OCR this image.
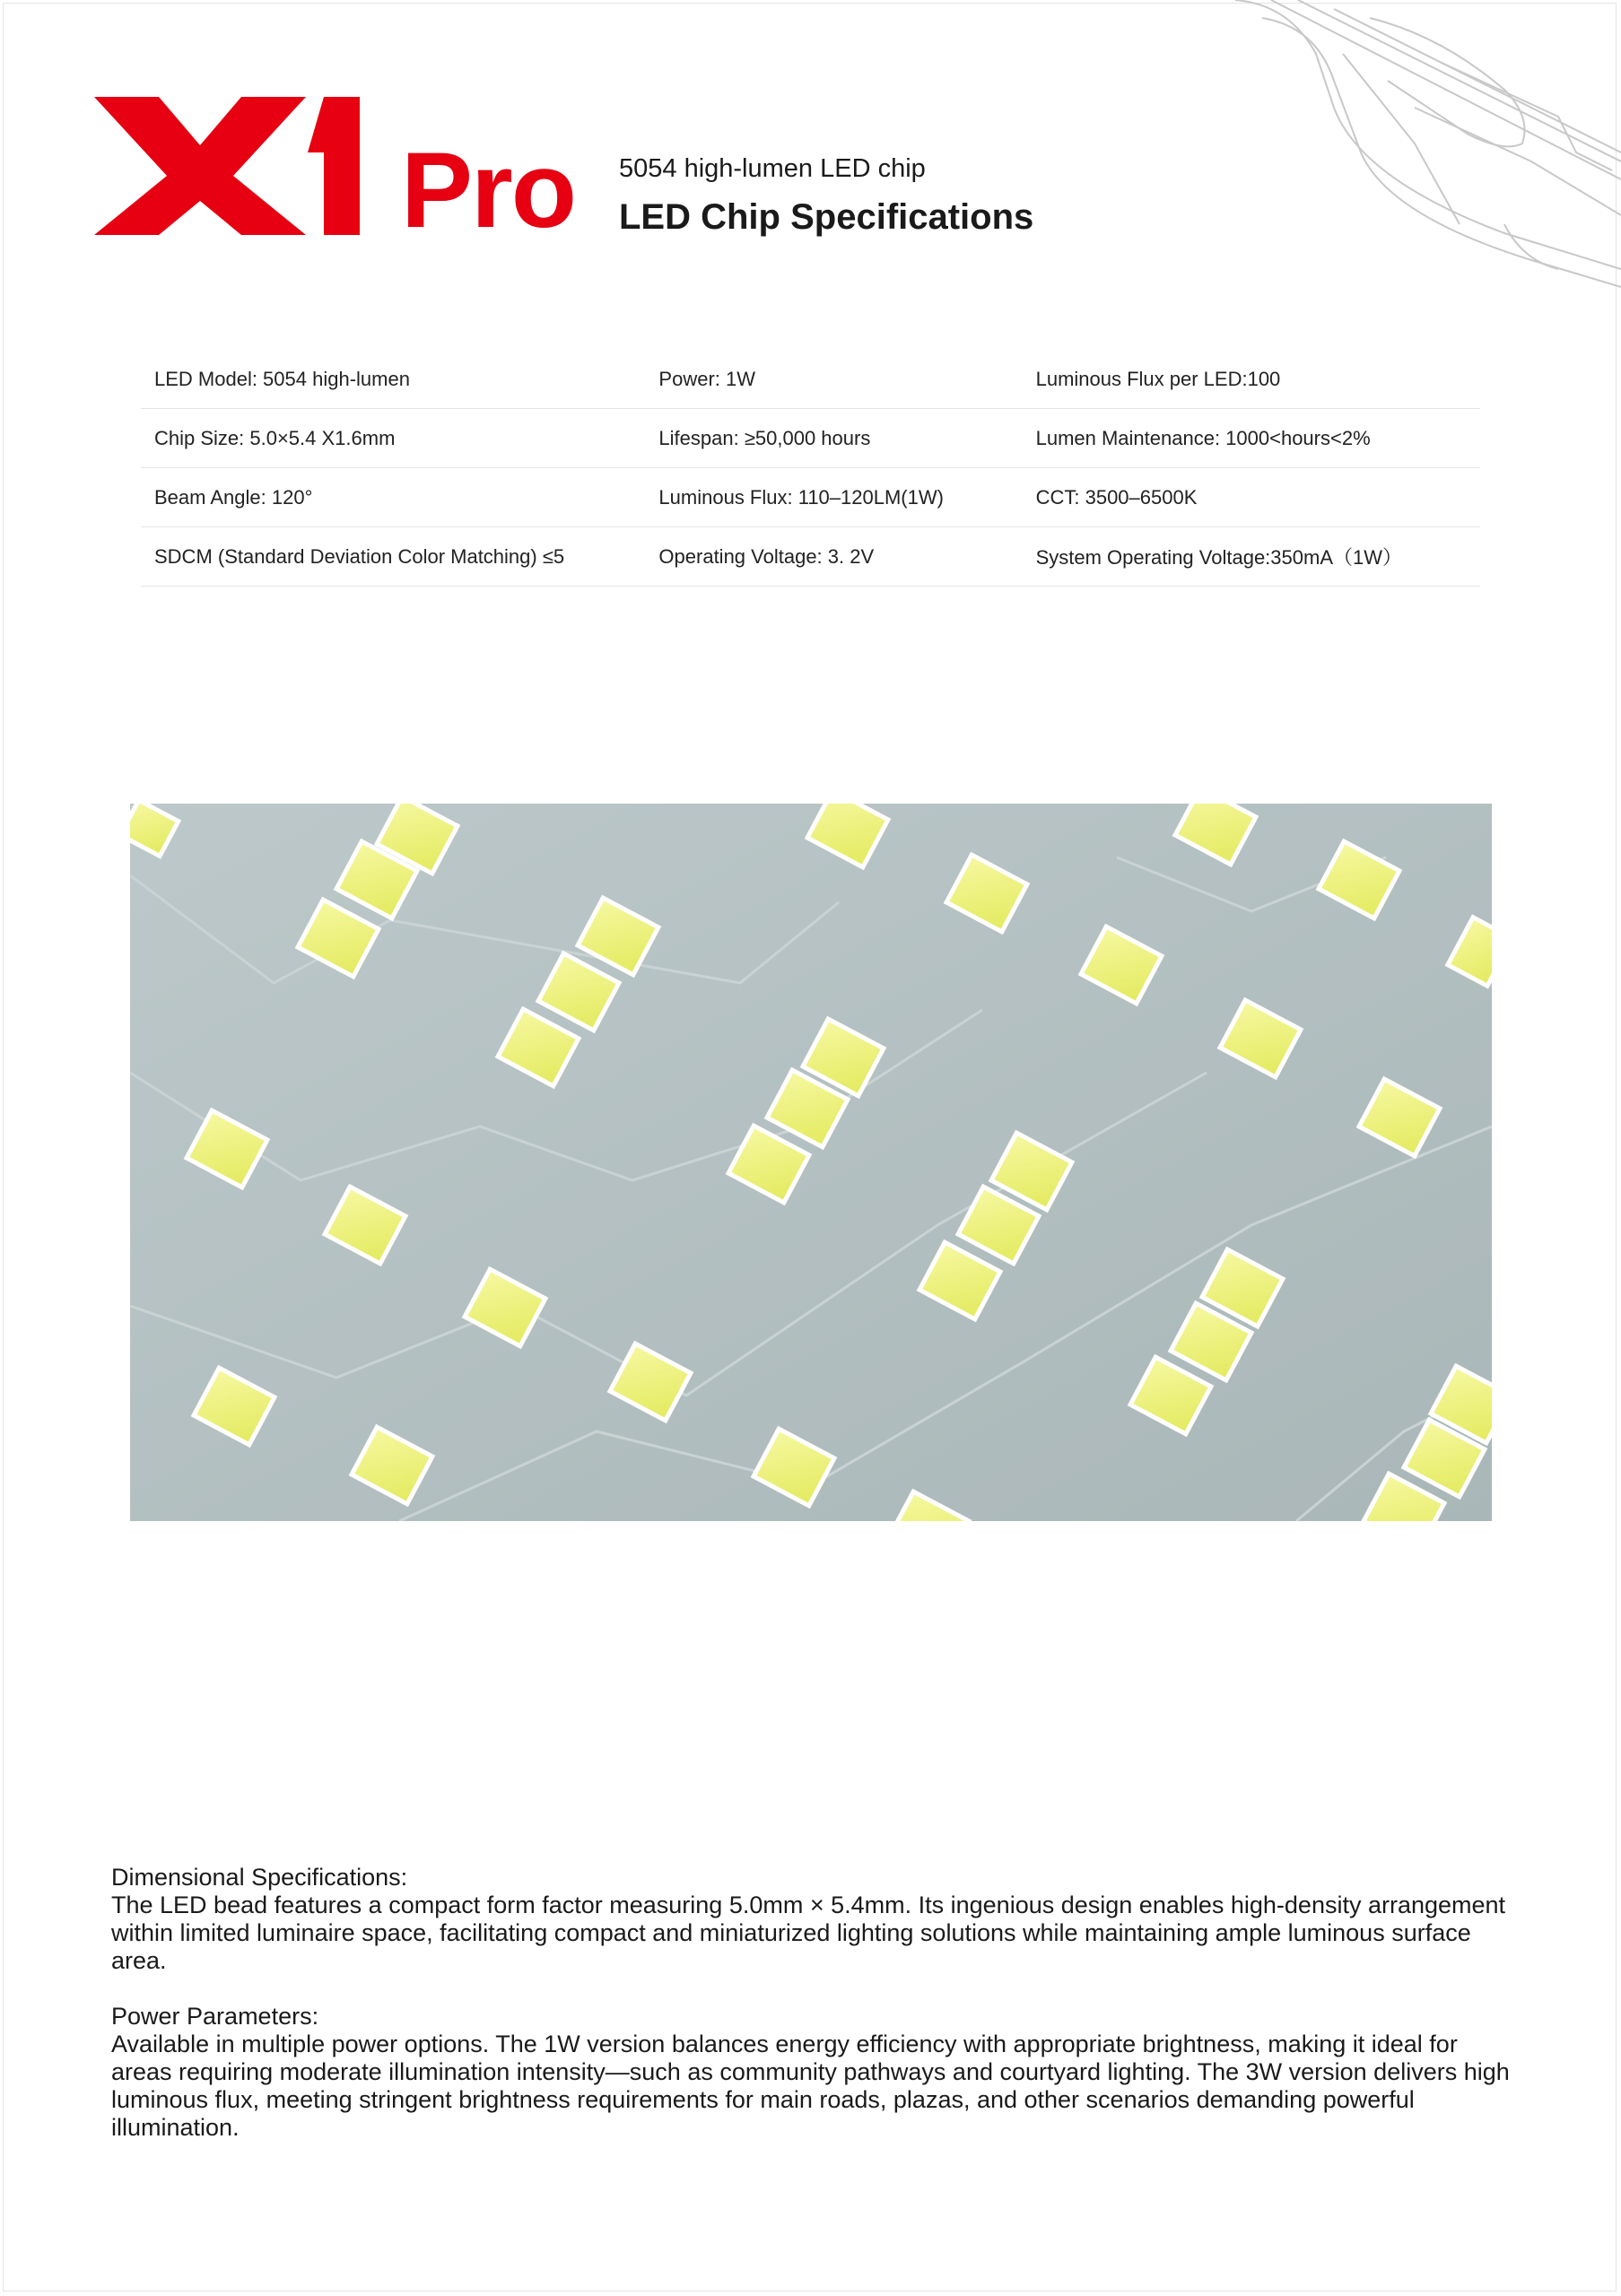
Pro 5054 high-lumen LED chip
LED Chip Specifications
LED Model: 5054 high-lumen	Power: 1W	Luminous Flux per LED:100
Chip Size: 5.0×5.4 X1.6mm	Lifespan: ≥50,000 hours	Lumen Maintenance: 1000<hours<2%
Beam Angle: 120°	Luminous Flux: 110–120LM(1W)	CCT: 3500–6500K
SDCM (Standard Deviation Color Matching) ≤5	Operating Voltage: 3. 2V	System Operating Voltage:350mA（1W）

Dimensional Specifications:

The LED bead features a compact form factor measuring 5.0mm × 5.4mm. Its ingenious design enables high-density arrangement within limited luminaire space, facilitating compact and miniaturized lighting solutions while maintaining ample luminous surface area.

Power Parameters:

Available in multiple power options. The 1W version balances energy efficiency with appropriate brightness, making it ideal for areas requiring moderate illumination intensity—such as community pathways and courtyard lighting. The 3W version delivers high luminous flux, meeting stringent brightness requirements for main roads, plazas, and other scenarios demanding powerful illumination.
